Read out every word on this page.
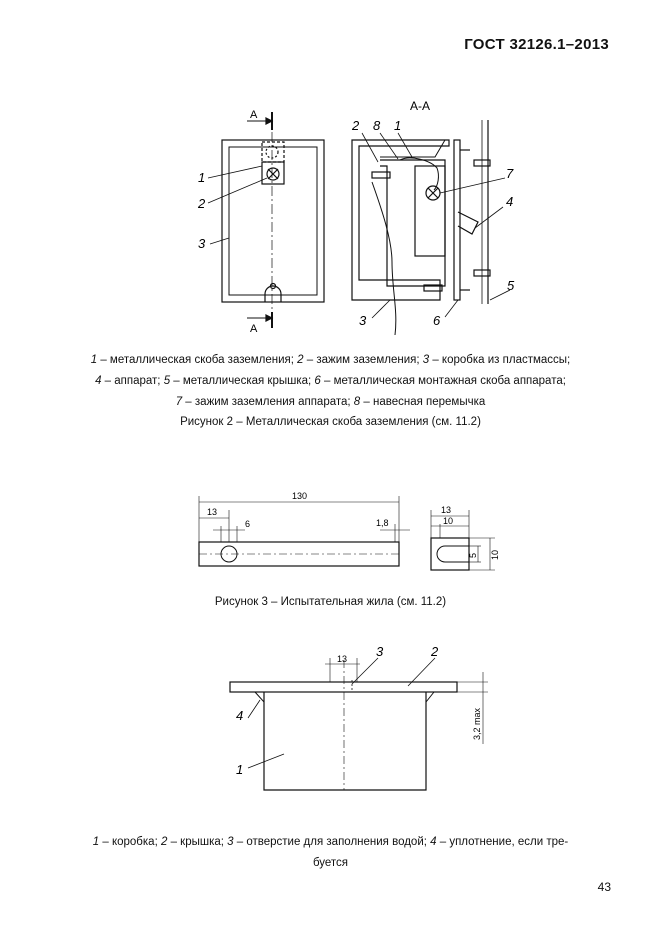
ГОСТ 32126.1–2013
А
А
А-А
1
2
3
2 8 1
7
4
5
3	6
1 – металлическая скоба заземления; 2 – зажим заземления; 3 – коробка из пластмассы;
4 – аппарат; 5 – металлическая крышка; 6 – металлическая монтажная скоба аппарата;
7 – зажим заземления аппарата; 8 – навесная перемычка
Рисунок 2 – Металлическая скоба заземления (см. 11.2)
130
13
6	1,8
13
10
5 10
Рисунок 3 – Испытательная жила (см. 11.2)
13
3,2 max
3	2
4
1
1 – коробка; 2 – крышка; 3 – отверстие для заполнения водой; 4 – уплотнение, если тре-
буется
43
